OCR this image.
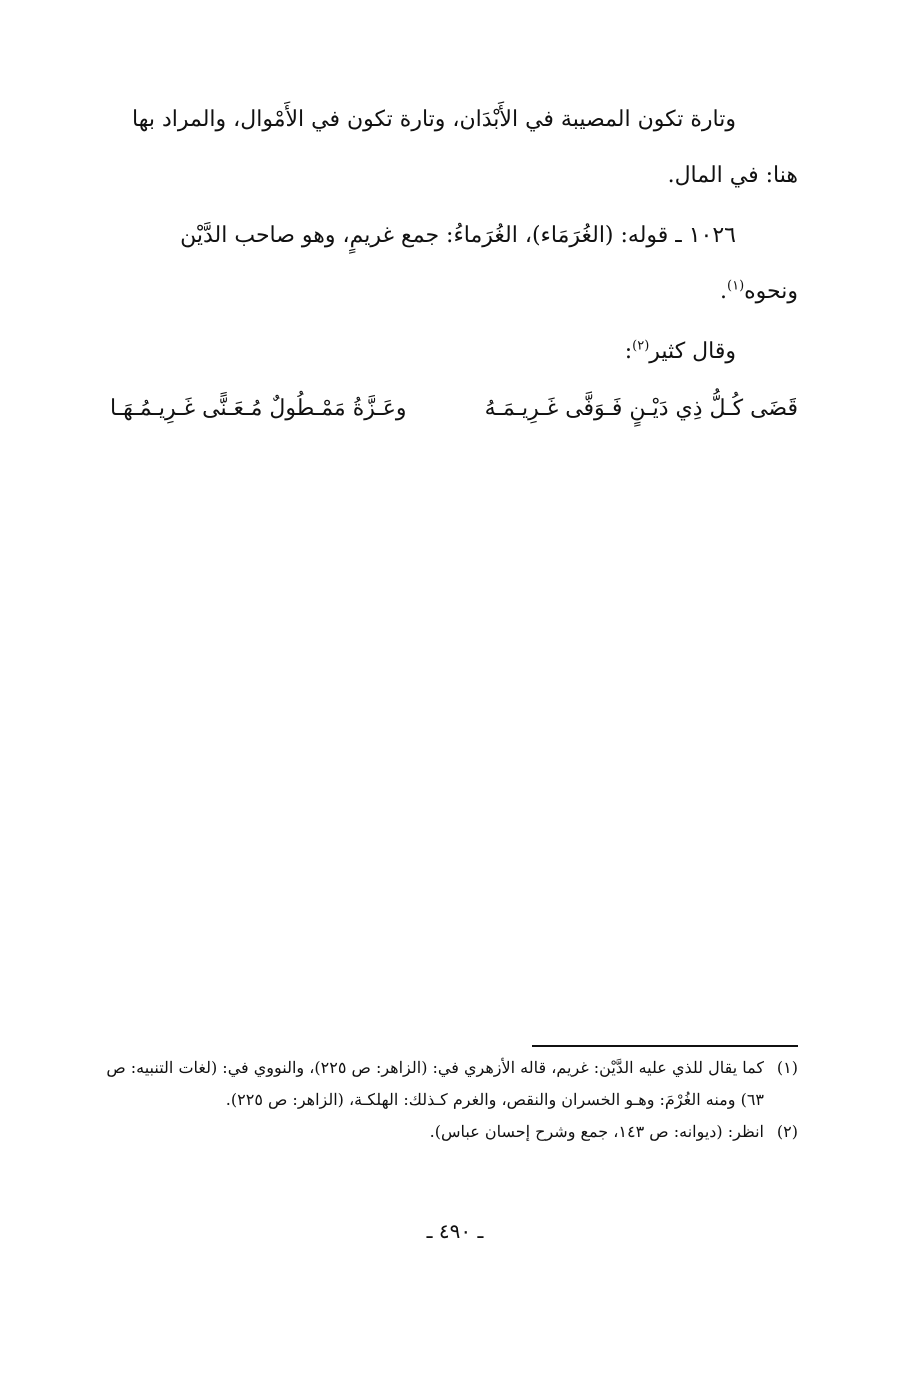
وتارة تكون المصيبة في الأَبْدَان، وتارة تكون في الأَمْوال، والمراد بها هنا: في المال.

١٠٢٦ ـ قوله: (الغُرَمَاء)، الغُرَماءُ: جمع غريمٍ، وهو صاحب الدَّيْن ونحوه$^{(١)}$.

وقال كثير$^{(٢)}$:

قَضَى كُـلُّ ذِي دَيْـنٍ فَـوَفَّى غَـرِيـمَـهُ
وعَـزَّةُ مَمْـطُولٌ مُـعَـنًّى غَـرِيـمُـهَـا

(١)
كما يقال للذي عليه الدَّيْن: غريم، قاله الأزهري في: (الزاهر: ص ٢٢٥)، والنووي في: (لغات التنبيه: ص ٦٣) ومنه الغُرْمَ: وهـو الخسران والنقص، والغرم كـذلك: الهلكـة، (الزاهر: ص ٢٢٥).

(٢)
انظر: (ديوانه: ص ١٤٣، جمع وشرح إحسان عباس).

ـ ٤٩٠ ـ
